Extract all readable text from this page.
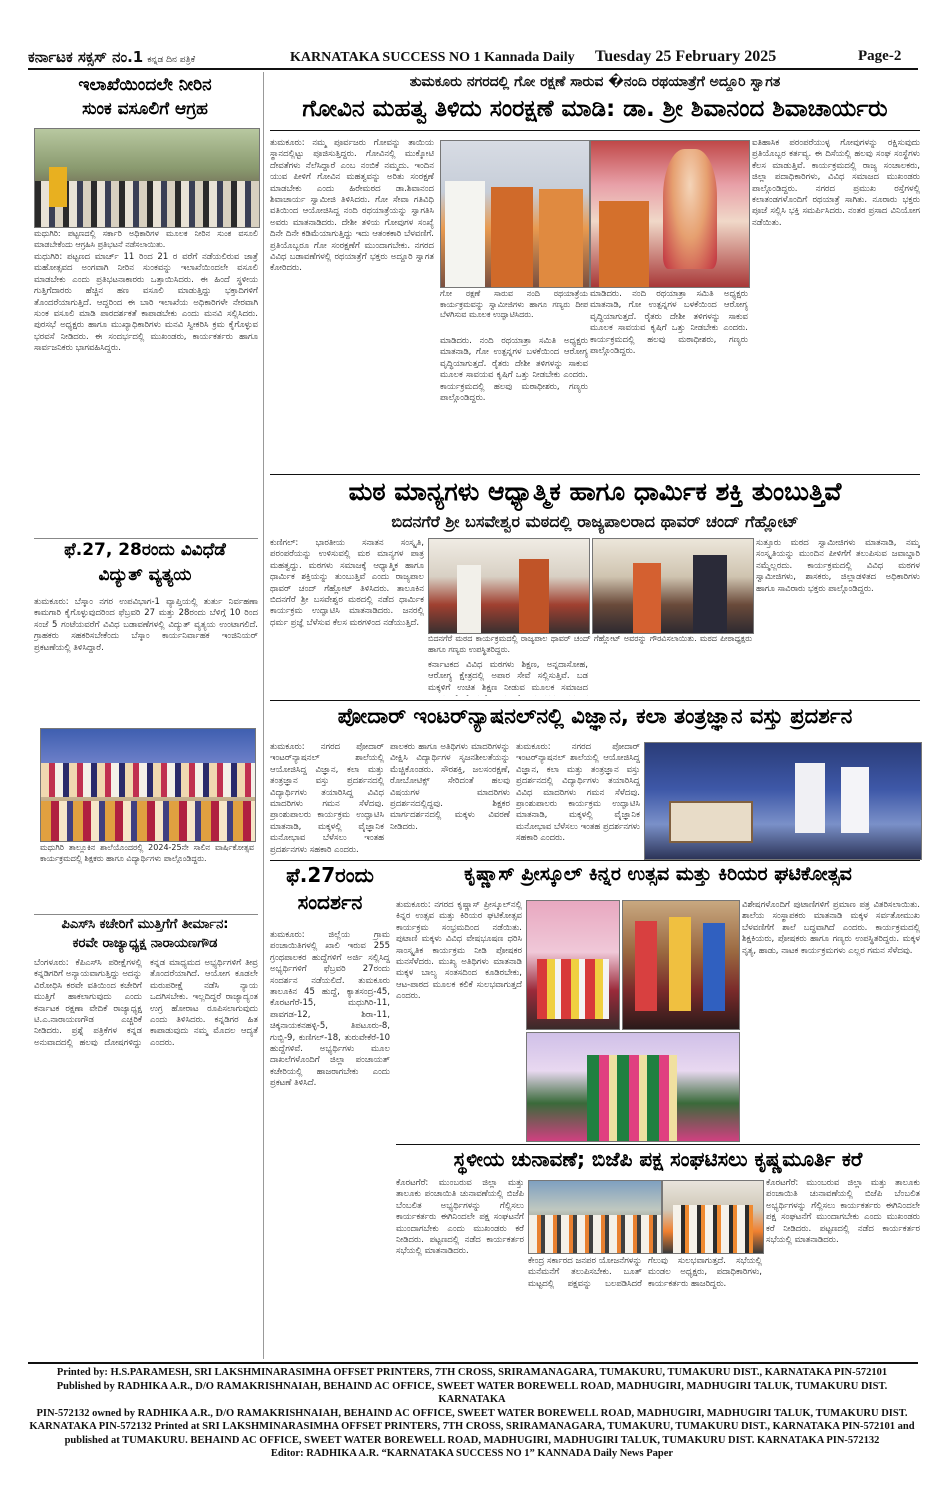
ಕರ್ನಾಟಕ ಸಕ್ಸಸ್ ನಂ.1 ಕನ್ನಡ ದಿನ ಪತ್ರಿಕೆ	KARNATAKA SUCCESS NO 1 Kannada Daily Tuesday 25 February 2025	Page-2
ಇಲಾಖೆಯಿಂದಲೇ ನೀರಿನ
ಸುಂಕ ವಸೂಲಿಗೆ ಆಗ್ರಹ
ಮಧುಗಿರಿ: ಪಟ್ಟಣದಲ್ಲಿ ಸರ್ಕಾರಿ ಅಧಿಕಾರಿಗಳ ಮೂಲಕ ನೀರಿನ ಸುಂಕ ವಸೂಲಿ ಮಾಡಬೇಕೆಂದು ಆಗ್ರಹಿಸಿ ಪ್ರತಿಭಟನೆ ನಡೆಸಲಾಯಿತು.
ಮಧುಗಿರಿ: ಪಟ್ಟಣದ ಮಾರ್ಚ್ 11 ರಿಂದ 21 ರ ವರೆಗೆ ನಡೆಯಲಿರುವ ಜಾತ್ರೆ ಮಹೋತ್ಸವದ ಅಂಗವಾಗಿ ನೀರಿನ ಸುಂಕವನ್ನು ಇಲಾಖೆಯಿಂದಲೇ ವಸೂಲಿ ಮಾಡಬೇಕು ಎಂದು ಪ್ರತಿಭಟನಾಕಾರರು ಒತ್ತಾಯಿಸಿದರು. ಈ ಹಿಂದೆ ಸ್ಥಳೀಯ ಗುತ್ತಿಗೆದಾರರು ಹೆಚ್ಚಿನ ಹಣ ವಸೂಲಿ ಮಾಡುತ್ತಿದ್ದು ಭಕ್ತಾದಿಗಳಿಗೆ ತೊಂದರೆಯಾಗುತ್ತಿದೆ. ಆದ್ದರಿಂದ ಈ ಬಾರಿ ಇಲಾಖೆಯ ಅಧಿಕಾರಿಗಳೇ ನೇರವಾಗಿ ಸುಂಕ ವಸೂಲಿ ಮಾಡಿ ಪಾರದರ್ಶಕತೆ ಕಾಪಾಡಬೇಕು ಎಂದು ಮನವಿ ಸಲ್ಲಿಸಿದರು. ಪುರಸಭೆ ಅಧ್ಯಕ್ಷರು ಹಾಗೂ ಮುಖ್ಯಾಧಿಕಾರಿಗಳು ಮನವಿ ಸ್ವೀಕರಿಸಿ ಕ್ರಮ ಕೈಗೊಳ್ಳುವ ಭರವಸೆ ನೀಡಿದರು. ಈ ಸಂದರ್ಭದಲ್ಲಿ ಮುಖಂಡರು, ಕಾರ್ಯಕರ್ತರು ಹಾಗೂ ಸಾರ್ವಜನಿಕರು ಭಾಗವಹಿಸಿದ್ದರು.
ಫೆ.27, 28ರಂದು ವಿವಿಧೆಡೆ
ವಿದ್ಯುತ್ ವ್ಯತ್ಯಯ
ತುಮಕೂರು: ಬೆಸ್ಕಾಂ ನಗರ ಉಪವಿಭಾಗ-1 ವ್ಯಾಪ್ತಿಯಲ್ಲಿ ತುರ್ತು ನಿರ್ವಹಣಾ ಕಾಮಗಾರಿ ಕೈಗೊಳ್ಳುವುದರಿಂದ ಫೆಬ್ರವರಿ 27 ಮತ್ತು 28ರಂದು ಬೆಳಿಗ್ಗೆ 10 ರಿಂದ ಸಂಜೆ 5 ಗಂಟೆಯವರೆಗೆ ವಿವಿಧ ಬಡಾವಣೆಗಳಲ್ಲಿ ವಿದ್ಯುತ್ ವ್ಯತ್ಯಯ ಉಂಟಾಗಲಿದೆ. ಗ್ರಾಹಕರು ಸಹಕರಿಸಬೇಕೆಂದು ಬೆಸ್ಕಾಂ ಕಾರ್ಯನಿರ್ವಾಹಕ ಇಂಜಿನಿಯರ್ ಪ್ರಕಟಣೆಯಲ್ಲಿ ತಿಳಿಸಿದ್ದಾರೆ.
ಮಧುಗಿರಿ ತಾಲ್ಲೂಕಿನ ಶಾಲೆಯೊಂದರಲ್ಲಿ 2024-25ನೇ ಸಾಲಿನ ವಾರ್ಷಿಕೋತ್ಸವ ಕಾರ್ಯಕ್ರಮದಲ್ಲಿ ಶಿಕ್ಷಕರು ಹಾಗೂ ವಿದ್ಯಾರ್ಥಿಗಳು ಪಾಲ್ಗೊಂಡಿದ್ದರು.
ಪಿಎಸ್‍ಸಿ ಕಚೇರಿಗೆ ಮುತ್ತಿಗೆಗೆ ತೀರ್ಮಾನ:
ಕರವೇ ರಾಜ್ಯಾಧ್ಯಕ್ಷ ನಾರಾಯಣಗೌಡ
ಬೆಂಗಳೂರು: ಕೆಪಿಎಸ್‍ಸಿ ಪರೀಕ್ಷೆಗಳಲ್ಲಿ ಕನ್ನಡಿಗರಿಗೆ ಅನ್ಯಾಯವಾಗುತ್ತಿದ್ದು ಅದನ್ನು ವಿರೋಧಿಸಿ ಕರವೇ ವತಿಯಿಂದ ಕಚೇರಿಗೆ ಮುತ್ತಿಗೆ ಹಾಕಲಾಗುವುದು ಎಂದು ಕರ್ನಾಟಕ ರಕ್ಷಣಾ ವೇದಿಕೆ ರಾಜ್ಯಾಧ್ಯಕ್ಷ ಟಿ.ಎ.ನಾರಾಯಣಗೌಡ ಎಚ್ಚರಿಕೆ ನೀಡಿದರು. ಪ್ರಶ್ನೆ ಪತ್ರಿಕೆಗಳ ಕನ್ನಡ ಅನುವಾದದಲ್ಲಿ ಹಲವು ದೋಷಗಳಿದ್ದು ಕನ್ನಡ ಮಾಧ್ಯಮದ ಅಭ್ಯರ್ಥಿಗಳಿಗೆ ತೀವ್ರ ತೊಂದರೆಯಾಗಿದೆ. ಆಯೋಗ ಕೂಡಲೇ ಮರುಪರೀಕ್ಷೆ ನಡೆಸಿ ನ್ಯಾಯ ಒದಗಿಸಬೇಕು. ಇಲ್ಲದಿದ್ದರೆ ರಾಜ್ಯಾದ್ಯಂತ ಉಗ್ರ ಹೋರಾಟ ರೂಪಿಸಲಾಗುವುದು ಎಂದು ತಿಳಿಸಿದರು. ಕನ್ನಡಿಗರ ಹಿತ ಕಾಪಾಡುವುದು ನಮ್ಮ ಮೊದಲ ಆದ್ಯತೆ ಎಂದರು.
ತುಮಕೂರು ನಗರದಲ್ಲಿ ಗೋ ರಕ್ಷಣೆ ಸಾರುವ �ನಂದಿ ರಥಯಾತ್ರೆಗೆ ಅದ್ದೂರಿ ಸ್ವಾಗತ
ಗೋವಿನ ಮಹತ್ವ ತಿಳಿದು ಸಂರಕ್ಷಣೆ ಮಾಡಿ: ಡಾ. ಶ್ರೀ ಶಿವಾನಂದ ಶಿವಾಚಾರ್ಯರು
ತುಮಕೂರು: ನಮ್ಮ ಪೂರ್ವಜರು ಗೋವನ್ನು ತಾಯಿಯ ಸ್ಥಾನದಲ್ಲಿಟ್ಟು ಪೂಜಿಸುತ್ತಿದ್ದರು. ಗೋವಿನಲ್ಲಿ ಮುಕ್ಕೋಟಿ ದೇವತೆಗಳು ನೆಲೆಸಿದ್ದಾರೆ ಎಂಬ ನಂಬಿಕೆ ನಮ್ಮದು. ಇಂದಿನ ಯುವ ಪೀಳಿಗೆ ಗೋವಿನ ಮಹತ್ವವನ್ನು ಅರಿತು ಸಂರಕ್ಷಣೆ ಮಾಡಬೇಕು ಎಂದು ಹಿರೇಮಠದ ಡಾ.ಶಿವಾನಂದ ಶಿವಾಚಾರ್ಯ ಸ್ವಾಮೀಜಿ ತಿಳಿಸಿದರು. ಗೋ ಸೇವಾ ಗತಿವಿಧಿ ವತಿಯಿಂದ ಆಯೋಜಿಸಿದ್ದ ನಂದಿ ರಥಯಾತ್ರೆಯನ್ನು ಸ್ವಾಗತಿಸಿ ಅವರು ಮಾತನಾಡಿದರು. ದೇಶೀ ತಳಿಯ ಗೋವುಗಳ ಸಂಖ್ಯೆ ದಿನೇ ದಿನೇ ಕಡಿಮೆಯಾಗುತ್ತಿದ್ದು ಇದು ಆತಂಕಕಾರಿ ಬೆಳವಣಿಗೆ. ಪ್ರತಿಯೊಬ್ಬರೂ ಗೋ ಸಂರಕ್ಷಣೆಗೆ ಮುಂದಾಗಬೇಕು. ನಗರದ ವಿವಿಧ ಬಡಾವಣೆಗಳಲ್ಲಿ ರಥಯಾತ್ರೆಗೆ ಭಕ್ತರು ಅದ್ದೂರಿ ಸ್ವಾಗತ ಕೋರಿದರು.
ಗೋ ರಕ್ಷಣೆ ಸಾರುವ ನಂದಿ ರಥಯಾತ್ರೆಯ ಕಾರ್ಯಕ್ರಮವನ್ನು ಸ್ವಾಮೀಜಿಗಳು ಹಾಗೂ ಗಣ್ಯರು ದೀಪ ಬೆಳಗಿಸುವ ಮೂಲಕ ಉದ್ಘಾಟಿಸಿದರು.
ಮಾಡಿದರು. ನಂದಿ ರಥಯಾತ್ರಾ ಸಮಿತಿ ಅಧ್ಯಕ್ಷರು ಮಾತನಾಡಿ, ಗೋ ಉತ್ಪನ್ನಗಳ ಬಳಕೆಯಿಂದ ಆರೋಗ್ಯ ವೃದ್ಧಿಯಾಗುತ್ತದೆ. ರೈತರು ದೇಶೀ ತಳಿಗಳನ್ನು ಸಾಕುವ ಮೂಲಕ ಸಾವಯವ ಕೃಷಿಗೆ ಒತ್ತು ನೀಡಬೇಕು ಎಂದರು. ಕಾರ್ಯಕ್ರಮದಲ್ಲಿ ಹಲವು ಮಠಾಧೀಶರು, ಗಣ್ಯರು ಪಾಲ್ಗೊಂಡಿದ್ದರು.
ಐತಿಹಾಸಿಕ ಪರಂಪರೆಯುಳ್ಳ ಗೋವುಗಳನ್ನು ರಕ್ಷಿಸುವುದು ಪ್ರತಿಯೊಬ್ಬರ ಕರ್ತವ್ಯ. ಈ ದಿಸೆಯಲ್ಲಿ ಹಲವು ಸಂಘ ಸಂಸ್ಥೆಗಳು ಕೆಲಸ ಮಾಡುತ್ತಿವೆ. ಕಾರ್ಯಕ್ರಮದಲ್ಲಿ ರಾಜ್ಯ ಸಂಚಾಲಕರು, ಜಿಲ್ಲಾ ಪದಾಧಿಕಾರಿಗಳು, ವಿವಿಧ ಸಮಾಜದ ಮುಖಂಡರು ಪಾಲ್ಗೊಂಡಿದ್ದರು. ನಗರದ ಪ್ರಮುಖ ರಸ್ತೆಗಳಲ್ಲಿ ಕಲಾತಂಡಗಳೊಂದಿಗೆ ರಥಯಾತ್ರೆ ಸಾಗಿತು. ನೂರಾರು ಭಕ್ತರು ಪೂಜೆ ಸಲ್ಲಿಸಿ ಭಕ್ತಿ ಸಮರ್ಪಿಸಿದರು. ನಂತರ ಪ್ರಸಾದ ವಿನಿಯೋಗ ನಡೆಯಿತು.
ಮಾಡಿದರು. ನಂದಿ ರಥಯಾತ್ರಾ ಸಮಿತಿ ಅಧ್ಯಕ್ಷರು ಮಾತನಾಡಿ, ಗೋ ಉತ್ಪನ್ನಗಳ ಬಳಕೆಯಿಂದ ಆರೋಗ್ಯ ವೃದ್ಧಿಯಾಗುತ್ತದೆ. ರೈತರು ದೇಶೀ ತಳಿಗಳನ್ನು ಸಾಕುವ ಮೂಲಕ ಸಾವಯವ ಕೃಷಿಗೆ ಒತ್ತು ನೀಡಬೇಕು ಎಂದರು. ಕಾರ್ಯಕ್ರಮದಲ್ಲಿ ಹಲವು ಮಠಾಧೀಶರು, ಗಣ್ಯರು ಪಾಲ್ಗೊಂಡಿದ್ದರು.
ಮಠ ಮಾನ್ಯಗಳು ಆಧ್ಯಾತ್ಮಿಕ ಹಾಗೂ ಧಾರ್ಮಿಕ ಶಕ್ತಿ ತುಂಬುತ್ತಿವೆ
ಬಿದನಗೆರೆ ಶ್ರೀ ಬಸವೇಶ್ವರ ಮಠದಲ್ಲಿ ರಾಜ್ಯಪಾಲರಾದ ಥಾವರ್ ಚಂದ್ ಗೆಹ್ಲೋಟ್
ಕುಣಿಗಲ್: ಭಾರತೀಯ ಸನಾತನ ಸಂಸ್ಕೃತಿ, ಪರಂಪರೆಯನ್ನು ಉಳಿಸುವಲ್ಲಿ ಮಠ ಮಾನ್ಯಗಳ ಪಾತ್ರ ಮಹತ್ವದ್ದು. ಮಠಗಳು ಸಮಾಜಕ್ಕೆ ಆಧ್ಯಾತ್ಮಿಕ ಹಾಗೂ ಧಾರ್ಮಿಕ ಶಕ್ತಿಯನ್ನು ತುಂಬುತ್ತಿವೆ ಎಂದು ರಾಜ್ಯಪಾಲ ಥಾವರ್ ಚಂದ್ ಗೆಹ್ಲೋಟ್ ತಿಳಿಸಿದರು. ತಾಲೂಕಿನ ಬಿದನಗೆರೆ ಶ್ರೀ ಬಸವೇಶ್ವರ ಮಠದಲ್ಲಿ ನಡೆದ ಧಾರ್ಮಿಕ ಕಾರ್ಯಕ್ರಮ ಉದ್ಘಾಟಿಸಿ ಮಾತನಾಡಿದರು. ಜನರಲ್ಲಿ ಧರ್ಮ ಪ್ರಜ್ಞೆ ಬೆಳೆಸುವ ಕೆಲಸ ಮಠಗಳಿಂದ ನಡೆಯುತ್ತಿದೆ.
ಬಿದನಗೆರೆ ಮಠದ ಕಾರ್ಯಕ್ರಮದಲ್ಲಿ ರಾಜ್ಯಪಾಲ ಥಾವರ್ ಚಂದ್ ಗೆಹ್ಲೋಟ್ ಅವರನ್ನು ಗೌರವಿಸಲಾಯಿತು. ಮಠದ ಪೀಠಾಧ್ಯಕ್ಷರು ಹಾಗೂ ಗಣ್ಯರು ಉಪಸ್ಥಿತರಿದ್ದರು.
ಕರ್ನಾಟಕದ ವಿವಿಧ ಮಠಗಳು ಶಿಕ್ಷಣ, ಅನ್ನದಾಸೋಹ, ಆರೋಗ್ಯ ಕ್ಷೇತ್ರದಲ್ಲಿ ಅಪಾರ ಸೇವೆ ಸಲ್ಲಿಸುತ್ತಿವೆ. ಬಡ ಮಕ್ಕಳಿಗೆ ಉಚಿತ ಶಿಕ್ಷಣ ನೀಡುವ ಮೂಲಕ ಸಮಾಜದ
ಸುತ್ತೂರು ಮಠದ ಸ್ವಾಮೀಜಿಗಳು ಮಾತನಾಡಿ, ನಮ್ಮ ಸಂಸ್ಕೃತಿಯನ್ನು ಮುಂದಿನ ಪೀಳಿಗೆಗೆ ತಲುಪಿಸುವ ಜವಾಬ್ದಾರಿ ನಮ್ಮೆಲ್ಲರದು. ಕಾರ್ಯಕ್ರಮದಲ್ಲಿ ವಿವಿಧ ಮಠಗಳ ಸ್ವಾಮೀಜಿಗಳು, ಶಾಸಕರು, ಜಿಲ್ಲಾಡಳಿತದ ಅಧಿಕಾರಿಗಳು ಹಾಗೂ ಸಾವಿರಾರು ಭಕ್ತರು ಪಾಲ್ಗೊಂಡಿದ್ದರು.
ಪೋದಾರ್ ಇಂಟರ್‌ನ್ಯಾಷನಲ್‌ನಲ್ಲಿ ವಿಜ್ಞಾನ, ಕಲಾ ತಂತ್ರಜ್ಞಾನ ವಸ್ತು ಪ್ರದರ್ಶನ
ತುಮಕೂರು: ನಗರದ ಪೋದಾರ್ ಇಂಟರ್‌ನ್ಯಾಷನಲ್ ಶಾಲೆಯಲ್ಲಿ ಆಯೋಜಿಸಿದ್ದ ವಿಜ್ಞಾನ, ಕಲಾ ಮತ್ತು ತಂತ್ರಜ್ಞಾನ ವಸ್ತು ಪ್ರದರ್ಶನದಲ್ಲಿ ವಿದ್ಯಾರ್ಥಿಗಳು ತಯಾರಿಸಿದ್ದ ವಿವಿಧ ಮಾದರಿಗಳು ಗಮನ ಸೆಳೆದವು. ಪ್ರಾಂಶುಪಾಲರು ಕಾರ್ಯಕ್ರಮ ಉದ್ಘಾಟಿಸಿ ಮಾತನಾಡಿ, ಮಕ್ಕಳಲ್ಲಿ ವೈಜ್ಞಾನಿಕ ಮನೋಭಾವ ಬೆಳೆಸಲು ಇಂತಹ ಪ್ರದರ್ಶನಗಳು ಸಹಕಾರಿ ಎಂದರು.
ಪಾಲಕರು ಹಾಗೂ ಅತಿಥಿಗಳು ಮಾದರಿಗಳನ್ನು ವೀಕ್ಷಿಸಿ ವಿದ್ಯಾರ್ಥಿಗಳ ಸೃಜನಶೀಲತೆಯನ್ನು ಮೆಚ್ಚಿಕೊಂಡರು. ಸೌರಶಕ್ತಿ, ಜಲಸಂರಕ್ಷಣೆ, ರೋಬೋಟಿಕ್ಸ್ ಸೇರಿದಂತೆ ಹಲವು ವಿಷಯಗಳ ಮಾದರಿಗಳು ಪ್ರದರ್ಶನದಲ್ಲಿದ್ದವು. ಶಿಕ್ಷಕರ ಮಾರ್ಗದರ್ಶನದಲ್ಲಿ ಮಕ್ಕಳು ವಿವರಣೆ ನೀಡಿದರು.
ತುಮಕೂರು: ನಗರದ ಪೋದಾರ್ ಇಂಟರ್‌ನ್ಯಾಷನಲ್ ಶಾಲೆಯಲ್ಲಿ ಆಯೋಜಿಸಿದ್ದ ವಿಜ್ಞಾನ, ಕಲಾ ಮತ್ತು ತಂತ್ರಜ್ಞಾನ ವಸ್ತು ಪ್ರದರ್ಶನದಲ್ಲಿ ವಿದ್ಯಾರ್ಥಿಗಳು ತಯಾರಿಸಿದ್ದ ವಿವಿಧ ಮಾದರಿಗಳು ಗಮನ ಸೆಳೆದವು. ಪ್ರಾಂಶುಪಾಲರು ಕಾರ್ಯಕ್ರಮ ಉದ್ಘಾಟಿಸಿ ಮಾತನಾಡಿ, ಮಕ್ಕಳಲ್ಲಿ ವೈಜ್ಞಾನಿಕ ಮನೋಭಾವ ಬೆಳೆಸಲು ಇಂತಹ ಪ್ರದರ್ಶನಗಳು ಸಹಕಾರಿ ಎಂದರು.
ಫೆ.27ರಂದು
ಸಂದರ್ಶನ
ತುಮಕೂರು: ಜಿಲ್ಲೆಯ ಗ್ರಾಮ ಪಂಚಾಯಿತಿಗಳಲ್ಲಿ ಖಾಲಿ ಇರುವ 255 ಗ್ರಂಥಪಾಲಕರ ಹುದ್ದೆಗಳಿಗೆ ಅರ್ಜಿ ಸಲ್ಲಿಸಿದ್ದ ಅಭ್ಯರ್ಥಿಗಳಿಗೆ ಫೆಬ್ರವರಿ 27ರಂದು ಸಂದರ್ಶನ ನಡೆಯಲಿದೆ. ತುಮಕೂರು ತಾಲೂಕಿನ 45 ಹುದ್ದೆ, ಕ್ಯಾತಸಂದ್ರ-45, ಕೊರಟಗೆರೆ-15, ಮಧುಗಿರಿ-11, ಪಾವಗಡ-12, ಶಿರಾ-11, ಚಿಕ್ಕನಾಯಕನಹಳ್ಳಿ-5, ತಿಪಟೂರು-8, ಗುಬ್ಬಿ-9, ಕುಣಿಗಲ್-18, ತುರುವೇಕೆರೆ-10 ಹುದ್ದೆಗಳಿವೆ. ಅಭ್ಯರ್ಥಿಗಳು ಮೂಲ ದಾಖಲೆಗಳೊಂದಿಗೆ ಜಿಲ್ಲಾ ಪಂಚಾಯತ್ ಕಚೇರಿಯಲ್ಲಿ ಹಾಜರಾಗಬೇಕು ಎಂದು ಪ್ರಕಟಣೆ ತಿಳಿಸಿದೆ.
ಕೃಷ್ಣಾಸ್ ಪ್ರೀಸ್ಕೂಲ್ ಕಿನ್ನರ ಉತ್ಸವ ಮತ್ತು ಕಿರಿಯರ ಘಟಿಕೋತ್ಸವ
ತುಮಕೂರು: ನಗರದ ಕೃಷ್ಣಾಸ್ ಪ್ರೀಸ್ಕೂಲ್‌ನಲ್ಲಿ ಕಿನ್ನರ ಉತ್ಸವ ಮತ್ತು ಕಿರಿಯರ ಘಟಿಕೋತ್ಸವ ಕಾರ್ಯಕ್ರಮ ಸಂಭ್ರಮದಿಂದ ನಡೆಯಿತು. ಪುಟಾಣಿ ಮಕ್ಕಳು ವಿವಿಧ ವೇಷಭೂಷಣ ಧರಿಸಿ ಸಾಂಸ್ಕೃತಿಕ ಕಾರ್ಯಕ್ರಮ ನೀಡಿ ಪೋಷಕರ ಮನಸೆಳೆದರು. ಮುಖ್ಯ ಅತಿಥಿಗಳು ಮಾತನಾಡಿ ಮಕ್ಕಳ ಬಾಲ್ಯ ಸಂತಸದಿಂದ ಕೂಡಿರಬೇಕು, ಆಟ-ಪಾಠದ ಮೂಲಕ ಕಲಿಕೆ ಸುಲಭವಾಗುತ್ತದೆ ಎಂದರು.
ವಿಶೇಷಗಳೊಂದಿಗೆ ಪುಟಾಣಿಗಳಿಗೆ ಪ್ರಮಾಣ ಪತ್ರ ವಿತರಿಸಲಾಯಿತು. ಶಾಲೆಯ ಸಂಸ್ಥಾಪಕರು ಮಾತನಾಡಿ ಮಕ್ಕಳ ಸರ್ವತೋಮುಖ ಬೆಳವಣಿಗೆಗೆ ಶಾಲೆ ಬದ್ಧವಾಗಿದೆ ಎಂದರು. ಕಾರ್ಯಕ್ರಮದಲ್ಲಿ ಶಿಕ್ಷಕಿಯರು, ಪೋಷಕರು ಹಾಗೂ ಗಣ್ಯರು ಉಪಸ್ಥಿತರಿದ್ದರು. ಮಕ್ಕಳ ನೃತ್ಯ, ಹಾಡು, ನಾಟಕ ಕಾರ್ಯಕ್ರಮಗಳು ಎಲ್ಲರ ಗಮನ ಸೆಳೆದವು.
ಸ್ಥಳೀಯ ಚುನಾವಣೆ; ಬಿಜೆಪಿ ಪಕ್ಷ ಸಂಘಟಿಸಲು ಕೃಷ್ಣಮೂರ್ತಿ ಕರೆ
ಕೊರಟಗೆರೆ: ಮುಂಬರುವ ಜಿಲ್ಲಾ ಮತ್ತು ತಾಲೂಕು ಪಂಚಾಯಿತಿ ಚುನಾವಣೆಯಲ್ಲಿ ಬಿಜೆಪಿ ಬೆಂಬಲಿತ ಅಭ್ಯರ್ಥಿಗಳನ್ನು ಗೆಲ್ಲಿಸಲು ಕಾರ್ಯಕರ್ತರು ಈಗಿನಿಂದಲೇ ಪಕ್ಷ ಸಂಘಟನೆಗೆ ಮುಂದಾಗಬೇಕು ಎಂದು ಮುಖಂಡರು ಕರೆ ನೀಡಿದರು. ಪಟ್ಟಣದಲ್ಲಿ ನಡೆದ ಕಾರ್ಯಕರ್ತರ ಸಭೆಯಲ್ಲಿ ಮಾತನಾಡಿದರು.
ಕೇಂದ್ರ ಸರ್ಕಾರದ ಜನಪರ ಯೋಜನೆಗಳನ್ನು ಮನೆಮನೆಗೆ ತಲುಪಿಸಬೇಕು. ಬೂತ್ ಮಟ್ಟದಲ್ಲಿ ಪಕ್ಷವನ್ನು ಬಲಪಡಿಸಿದರೆ ಗೆಲುವು ಸುಲಭವಾಗುತ್ತದೆ. ಸಭೆಯಲ್ಲಿ ಮಂಡಲ ಅಧ್ಯಕ್ಷರು, ಪದಾಧಿಕಾರಿಗಳು, ಕಾರ್ಯಕರ್ತರು ಹಾಜರಿದ್ದರು.
ಕೊರಟಗೆರೆ: ಮುಂಬರುವ ಜಿಲ್ಲಾ ಮತ್ತು ತಾಲೂಕು ಪಂಚಾಯಿತಿ ಚುನಾವಣೆಯಲ್ಲಿ ಬಿಜೆಪಿ ಬೆಂಬಲಿತ ಅಭ್ಯರ್ಥಿಗಳನ್ನು ಗೆಲ್ಲಿಸಲು ಕಾರ್ಯಕರ್ತರು ಈಗಿನಿಂದಲೇ ಪಕ್ಷ ಸಂಘಟನೆಗೆ ಮುಂದಾಗಬೇಕು ಎಂದು ಮುಖಂಡರು ಕರೆ ನೀಡಿದರು. ಪಟ್ಟಣದಲ್ಲಿ ನಡೆದ ಕಾರ್ಯಕರ್ತರ ಸಭೆಯಲ್ಲಿ ಮಾತನಾಡಿದರು.
Printed by: H.S.PARAMESH, SRI LAKSHMINARASIMHA OFFSET PRINTERS, 7TH CROSS, SRIRAMANAGARA, TUMAKURU, TUMAKURU DIST., KARNATAKA PIN-572101
Published by RADHIKA A.R., D/O RAMAKRISHNAIAH, BEHAIND AC OFFICE, SWEET WATER BOREWELL ROAD, MADHUGIRI, MADHUGIRI TALUK, TUMAKURU DIST. KARNATAKA
PIN-572132 owned by RADHIKA A.R., D/O RAMAKRISHNAIAH, BEHAIND AC OFFICE, SWEET WATER BOREWELL ROAD, MADHUGIRI, MADHUGIRI TALUK, TUMAKURU DIST.
KARNATAKA PIN-572132 Printed at SRI LAKSHMINARASIMHA OFFSET PRINTERS, 7TH CROSS, SRIRAMANAGARA, TUMAKURU, TUMAKURU DIST., KARNATAKA PIN-572101 and
published at TUMAKURU. BEHAIND AC OFFICE, SWEET WATER BOREWELL ROAD, MADHUGIRI, MADHUGIRI TALUK, TUMAKURU DIST. KARNATAKA PIN-572132
Editor: RADHIKA A.R. “KARNATAKA SUCCESS NO 1” KANNADA Daily News Paper
